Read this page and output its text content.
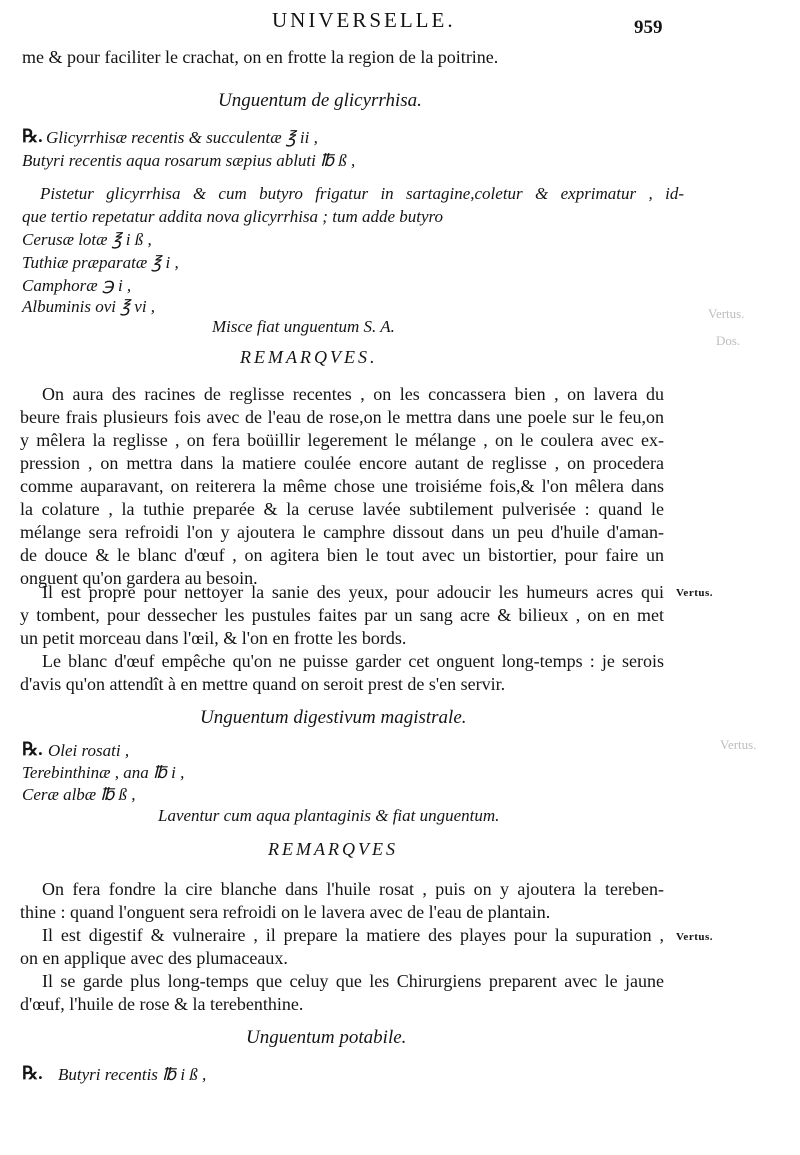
Vertus.
Dos.
Vertus.
UNIVERSELLE.	959
me & pour faciliter le crachat, on en frotte la region de la poitrine.
Unguentum de glicyrrhisa.
℞. Glicyrrhisæ recentis & succulentæ ℥ ii ,
Butyri recentis aqua rosarum sæpius abluti ℔ ß ,
Pistetur glicyrrhisa & cum butyro frigatur in sartagine,coletur & exprimatur , id-
que tertio repetatur addita nova glicyrrhisa ; tum adde butyro
Cerusæ lotæ ℥ i ß ,
Tuthiæ præparatæ ℥ i ,
Camphoræ ℈ i ,
Albuminis ovi ℥ vi ,
Misce fiat unguentum S. A.
REMARQVES.
On aura des racines de reglisse recentes , on les concassera bien , on lavera du
beure frais plusieurs fois avec de l'eau de rose,on le mettra dans une poele sur le feu,on
y mêlera la reglisse , on fera boüillir legerement le mélange , on le coulera avec ex-
pression , on mettra dans la matiere coulée encore autant de reglisse , on procedera
comme auparavant, on reiterera la même chose une troisiéme fois,& l'on mêlera dans
la colature , la tuthie preparée & la ceruse lavée subtilement pulverisée : quand le
mélange sera refroidi l'on y ajoutera le camphre dissout dans un peu d'huile d'aman-
de douce & le blanc d'œuf , on agitera bien le tout avec un bistortier, pour faire un
onguent qu'on gardera au besoin.
Il est propre pour nettoyer la sanie des yeux, pour adoucir les humeurs acres qui Vertus.
y tombent, pour dessecher les pustules faites par un sang acre & bilieux , on en met
un petit morceau dans l'œil, & l'on en frotte les bords.
Le blanc d'œuf empêche qu'on ne puisse garder cet onguent long-temps : je serois
d'avis qu'on attendît à en mettre quand on seroit prest de s'en servir.
Unguentum digestivum magistrale.
℞. Olei rosati ,
Terebinthinæ , ana ℔ i ,
Ceræ albæ ℔ ß ,
Laventur cum aqua plantaginis & fiat unguentum.
REMARQVES
On fera fondre la cire blanche dans l'huile rosat , puis on y ajoutera la tereben-
thine : quand l'onguent sera refroidi on le lavera avec de l'eau de plantain.
Il est digestif & vulneraire , il prepare la matiere des playes pour la supuration , Vertus.
on en applique avec des plumaceaux.
Il se garde plus long-temps que celuy que les Chirurgiens preparent avec le jaune
d'œuf, l'huile de rose & la terebenthine.
Unguentum potabile.
℞. Butyri recentis ℔ i ß ,
